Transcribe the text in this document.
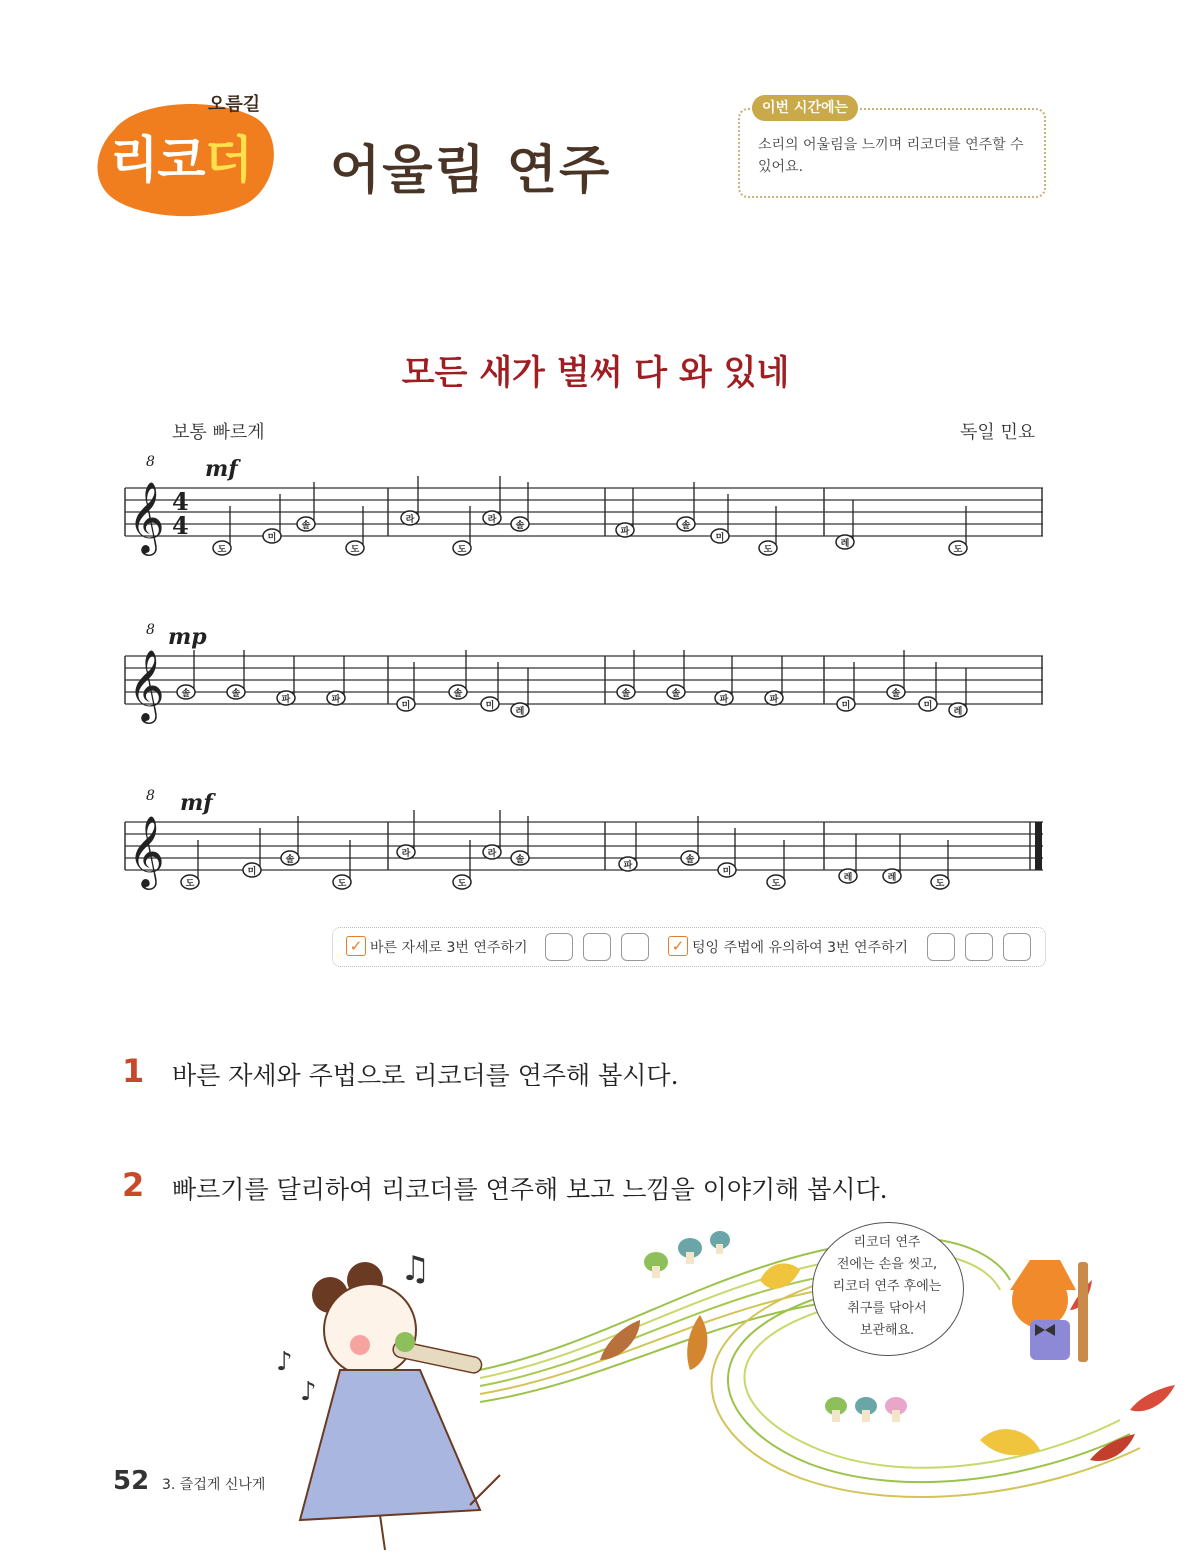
오름길
리코더 어울림 연주
이번 시간에는
소리의 어울림을 느끼며 리코더를 연주할 수 있어요.
모든 새가 벌써 다 와 있네
보통 빠르게	독일 민요
𝄞
8
4
4
mf
도
미
솔
도
라
도
라
솔
파
솔
미
도
레
도
𝄞
8 mp
솔	솔
파	파
미
솔
미
레
솔	솔
파	파
미
솔
미
레
𝄞
8 mf
도
미
솔
도
라
도
라
솔
파
솔
미
도
레	레
도
✓ 바른 자세로 3번 연주하기	✓ 텅잉 주법에 유의하여 3번 연주하기
1 바른 자세와 주법으로 리코더를 연주해 봅시다.
2 빠르기를 달리하여 리코더를 연주해 보고 느낌을 이야기해 봅시다.
♫
♪
♪
리코더 연주
전에는 손을 씻고,
리코더 연주 후에는
취구를 닦아서
보관해요.
52 3. 즐겁게 신나게
